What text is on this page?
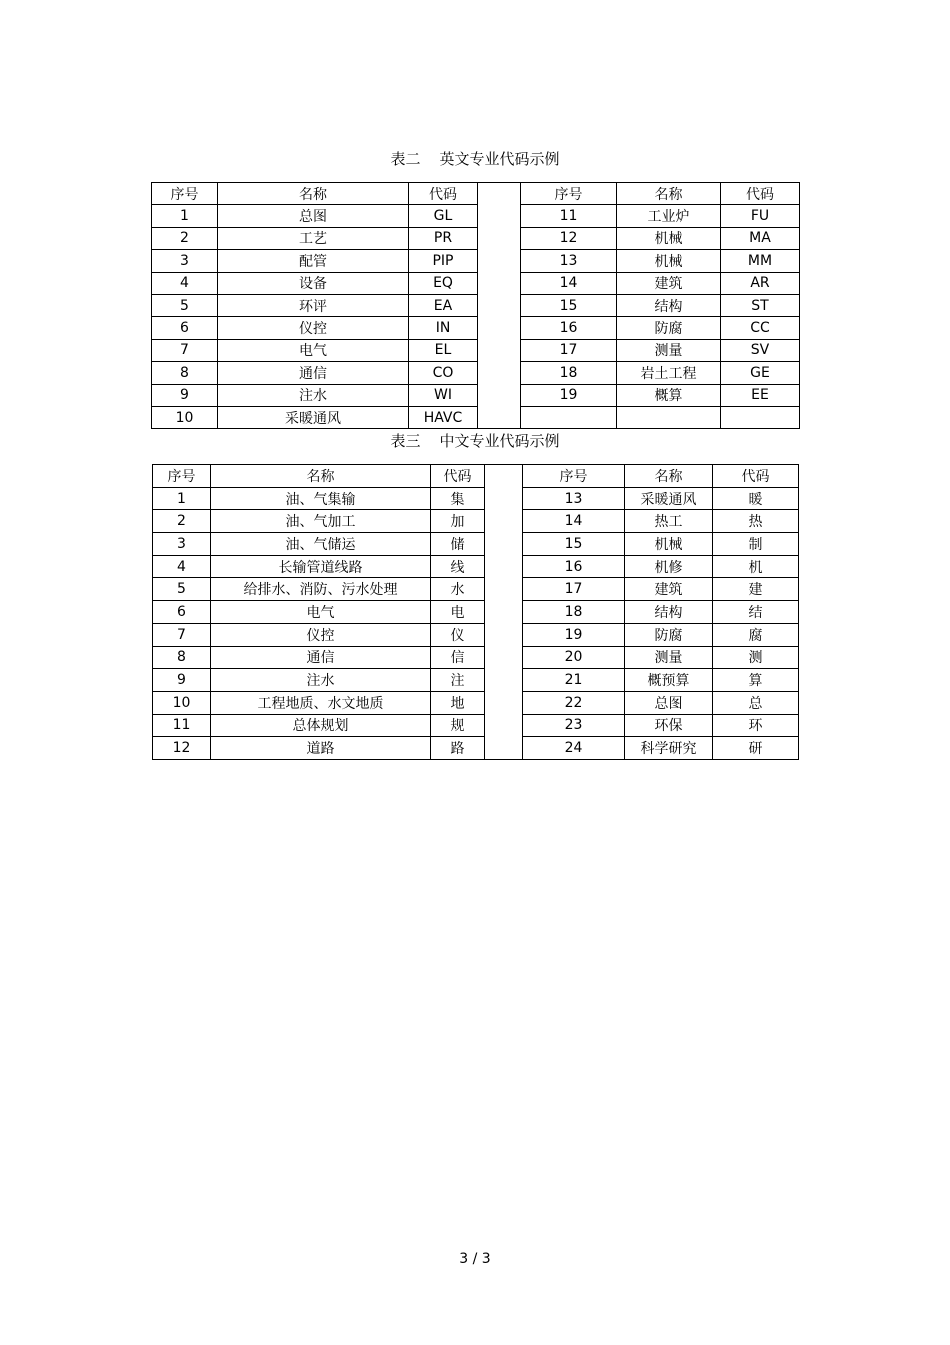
表二    英文专业代码示例
序号	名称	代码		序号	名称	代码
1	总图	GL		11	工业炉	FU
2	工艺	PR		12	机械	MA
3	配管	PIP		13	机械	MM
4	设备	EQ		14	建筑	AR
5	环评	EA		15	结构	ST
6	仪控	IN		16	防腐	CC
7	电气	EL		17	测量	SV
8	通信	CO		18	岩土工程	GE
9	注水	WI		19	概算	EE
10	采暖通风	HAVC				
表三    中文专业代码示例
序号	名称	代码		序号	名称	代码
1	油、气集输	集		13	采暖通风	暖
2	油、气加工	加		14	热工	热
3	油、气储运	储		15	机械	制
4	长输管道线路	线		16	机修	机
5	给排水、消防、污水处理	水		17	建筑	建
6	电气	电		18	结构	结
7	仪控	仪		19	防腐	腐
8	通信	信		20	测量	测
9	注水	注		21	概预算	算
10	工程地质、水文地质	地		22	总图	总
11	总体规划	规		23	环保	环
12	道路	路		24	科学研究	研
3 / 3
